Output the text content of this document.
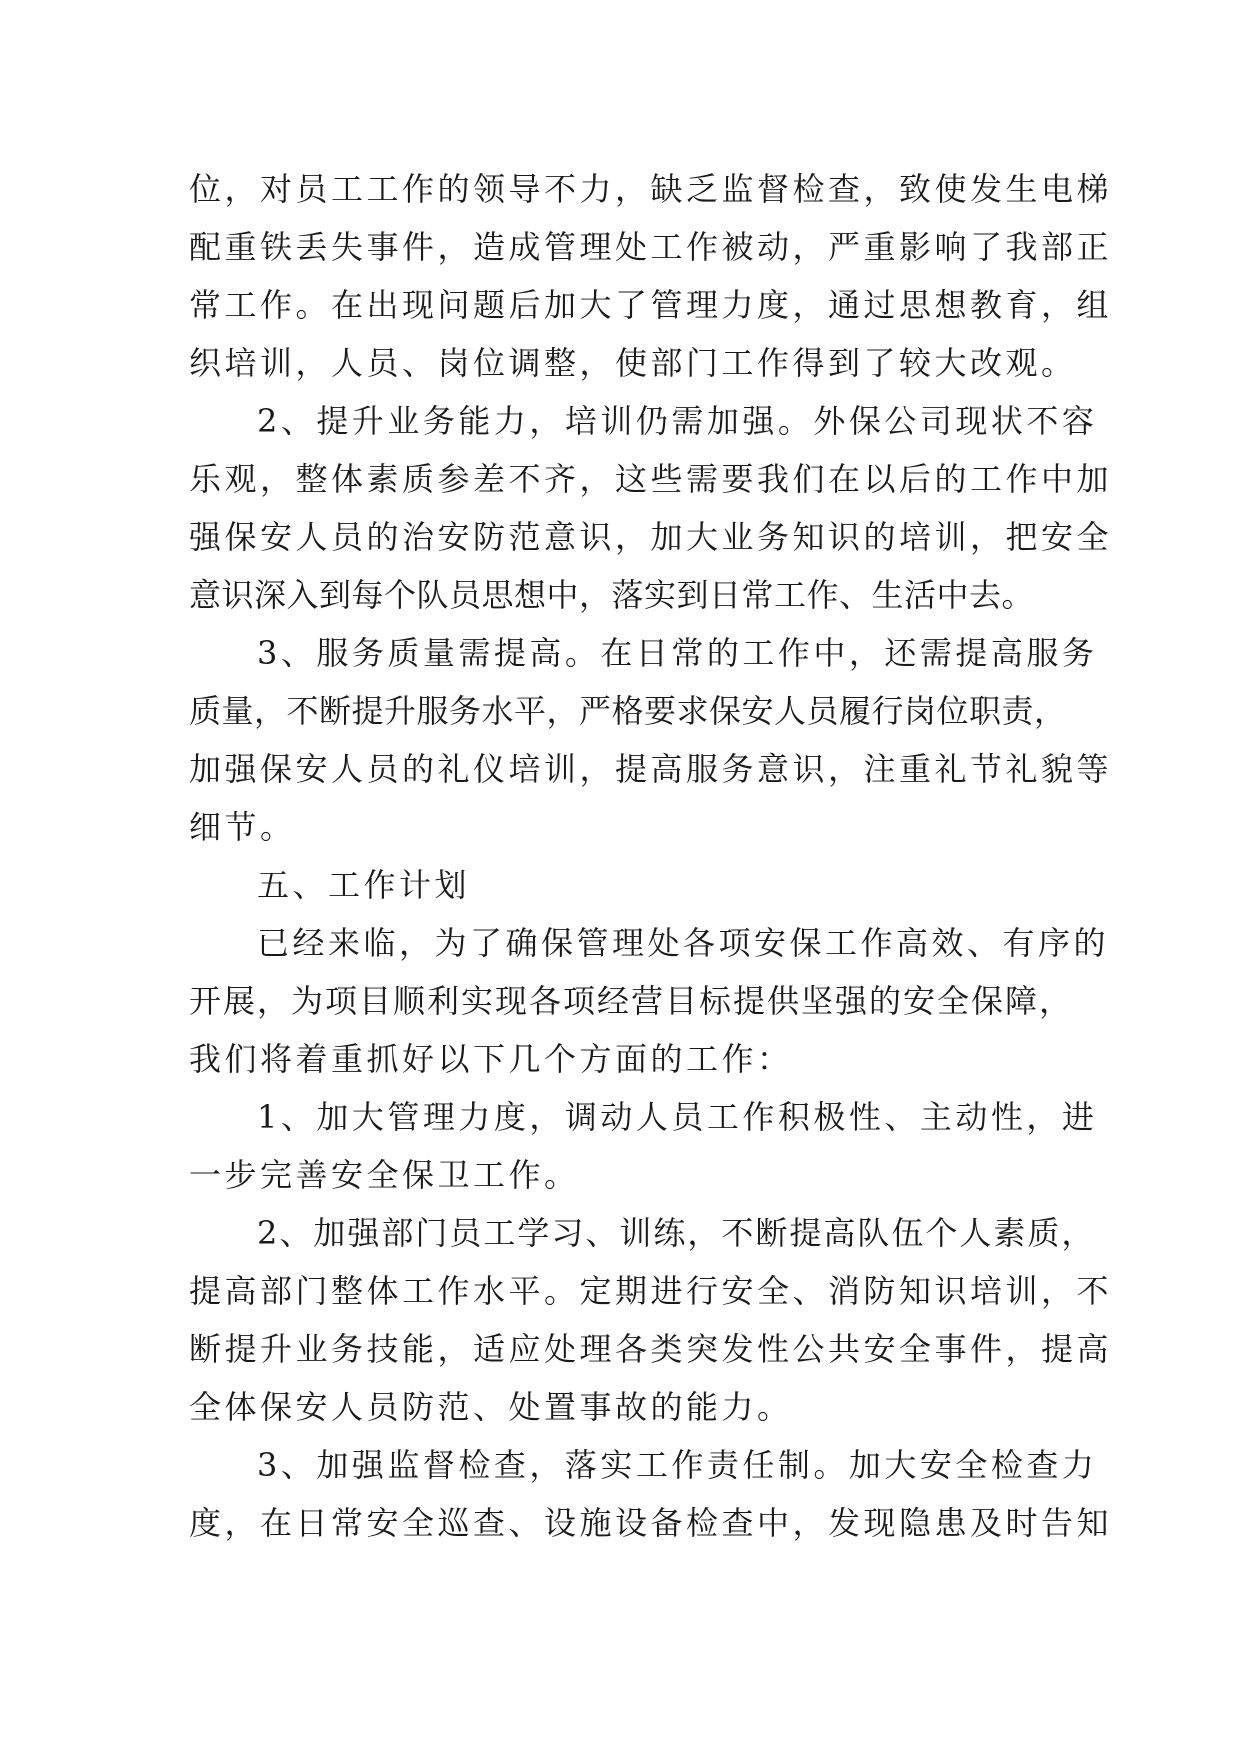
位，对员工工作的领导不力，缺乏监督检查，致使发生电梯
配重铁丢失事件，造成管理处工作被动，严重影响了我部正
常工作。在出现问题后加大了管理力度，通过思想教育，组
织培训，人员、岗位调整，使部门工作得到了较大改观。
2、提升业务能力，培训仍需加强。外保公司现状不容
乐观，整体素质参差不齐，这些需要我们在以后的工作中加
强保安人员的治安防范意识，加大业务知识的培训，把安全
意识深入到每个队员思想中，落实到日常工作、生活中去。
3、服务质量需提高。在日常的工作中，还需提高服务
质量，不断提升服务水平，严格要求保安人员履行岗位职责，
加强保安人员的礼仪培训，提高服务意识，注重礼节礼貌等
细节。
五、工作计划
已经来临，为了确保管理处各项安保工作高效、有序的
开展，为项目顺利实现各项经营目标提供坚强的安全保障，
我们将着重抓好以下几个方面的工作：
1、加大管理力度，调动人员工作积极性、主动性，进
一步完善安全保卫工作。
2、加强部门员工学习、训练，不断提高队伍个人素质，
提高部门整体工作水平。定期进行安全、消防知识培训，不
断提升业务技能，适应处理各类突发性公共安全事件，提高
全体保安人员防范、处置事故的能力。
3、加强监督检查，落实工作责任制。加大安全检查力
度，在日常安全巡查、设施设备检查中，发现隐患及时告知
